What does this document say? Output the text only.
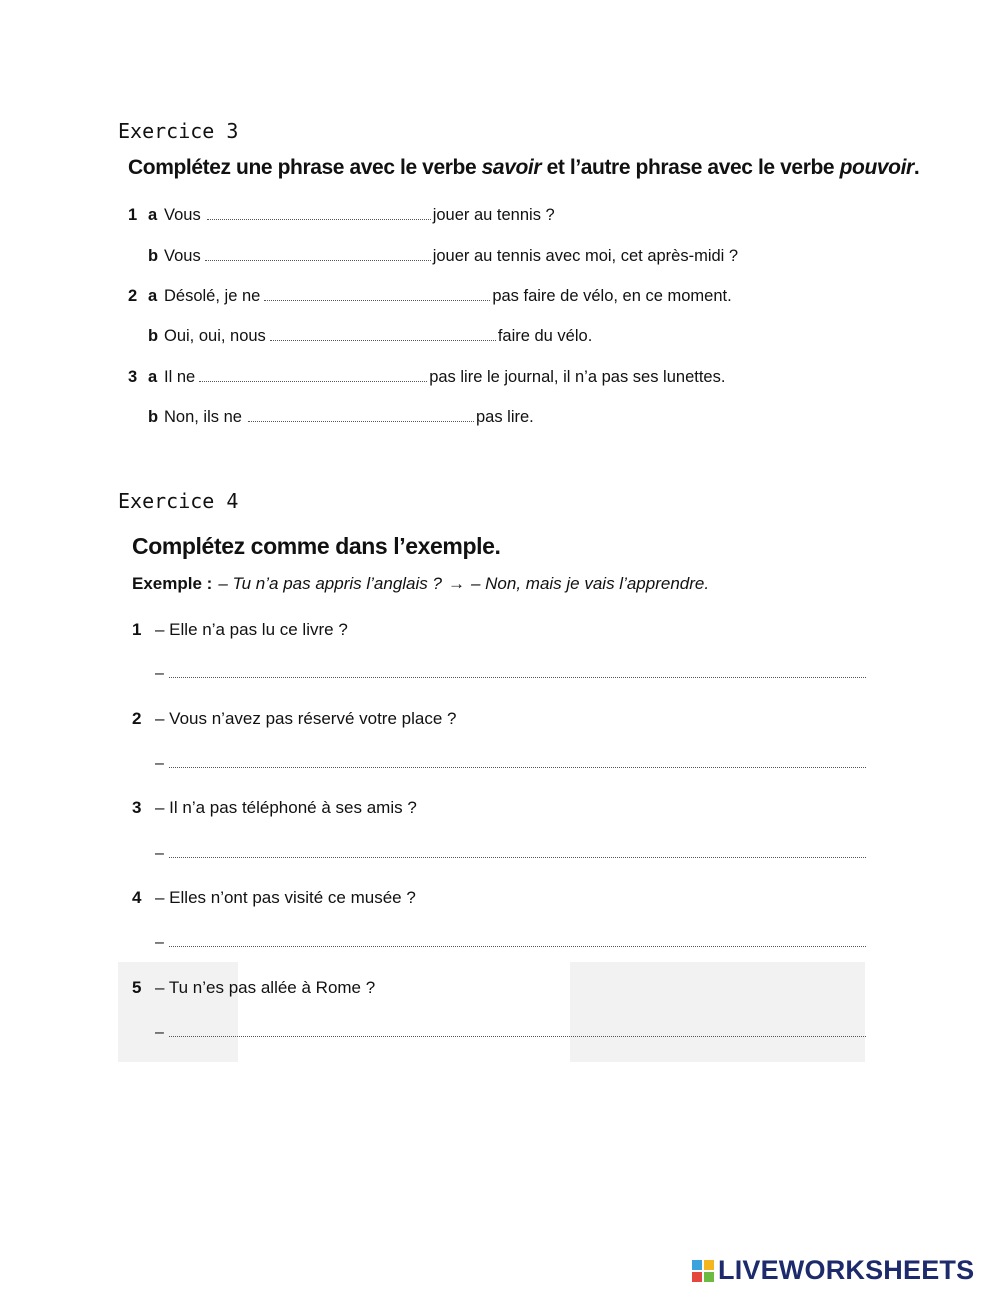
Exercice 3
Complétez une phrase avec le verbe savoir et l’autre phrase avec le verbe pouvoir.
1 a Vous	jouer au tennis ?
b Vous	jouer au tennis avec moi, cet après-midi ?
2 a Désolé, je ne	pas faire de vélo, en ce moment.
b Oui, oui, nous	faire du vélo.
3 a Il ne	pas lire le journal, il n’a pas ses lunettes.
b Non, ils ne	pas lire.
Exercice 4
Complétez comme dans l’exemple.
Exemple : – Tu n’a pas appris l’anglais ? → – Non, mais je vais l’apprendre.
1 – Elle n’a pas lu ce livre ?
–
2 – Vous n’avez pas réservé votre place ?
–
3 – Il n’a pas téléphoné à ses amis ?
–
4 – Elles n’ont pas visité ce musée ?
–
5 – Tu n’es pas allée à Rome ?
–
LIVEWORKSHEETS
